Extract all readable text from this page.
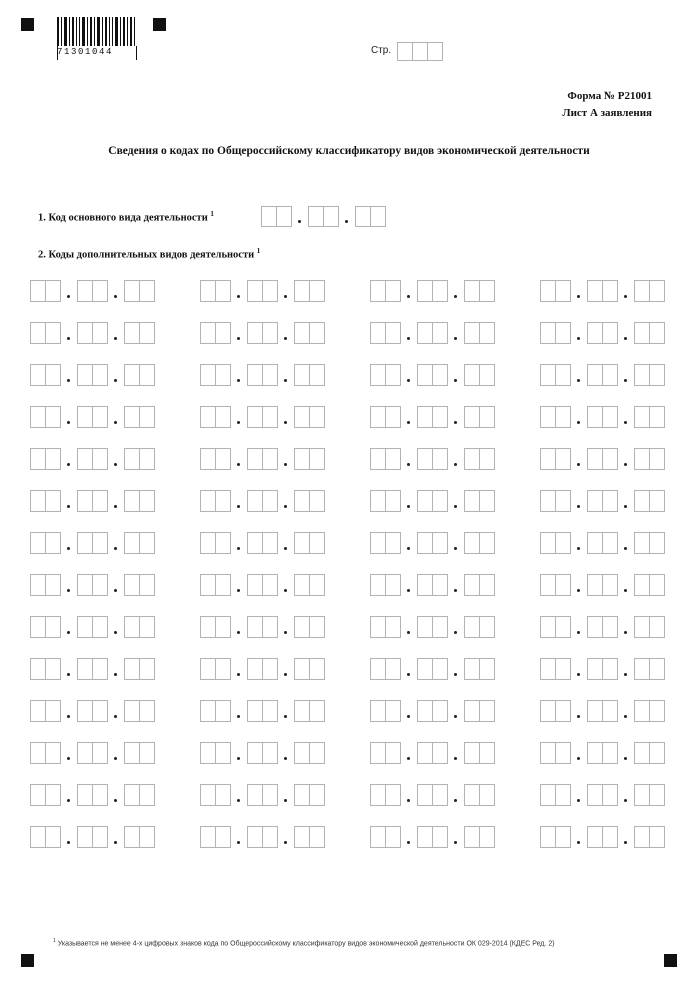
71301044	Стр.
Форма № Р21001
Лист А заявления
Сведения о кодах по Общероссийскому классификатору видов экономической деятельности
1. Код основного вида деятельности $^1$
2. Коды дополнительных видов деятельности $^1$
$^1$ Указывается не менее 4-х цифровых знаков кода по Общероссийскому классификатору видов экономической деятельности ОК 029-2014 (КДЕС Ред. 2)
